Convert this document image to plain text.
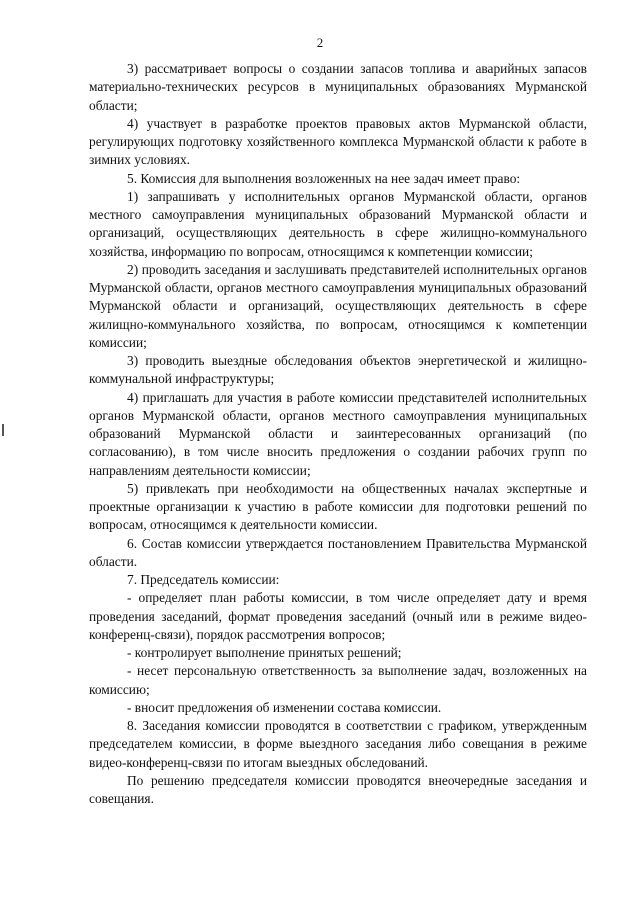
2

3) рассматривает вопросы о создании запасов топлива и аварийных запасов материально-технических ресурсов в муниципальных образованиях Мурманской области;

4) участвует в разработке проектов правовых актов Мурманской области, регулирующих подготовку хозяйственного комплекса Мурманской области к работе в зимних условиях.

5. Комиссия для выполнения возложенных на нее задач имеет право:

1) запрашивать у исполнительных органов Мурманской области, органов местного самоуправления муниципальных образований Мурманской области и организаций, осуществляющих деятельность в сфере жилищно-коммунального хозяйства, информацию по вопросам, относящимся к компетенции комиссии;

2) проводить заседания и заслушивать представителей исполнительных органов Мурманской области, органов местного самоуправления муниципальных образований Мурманской области и организаций, осуществляющих деятельность в сфере жилищно-коммунального хозяйства, по вопросам, относящимся к компетенции комиссии;

3) проводить выездные обследования объектов энергетической и жилищно-коммунальной инфраструктуры;

4) приглашать для участия в работе комиссии представителей исполнительных органов Мурманской области, органов местного самоуправления муниципальных образований Мурманской области и заинтересованных организаций (по согласованию), в том числе вносить предложения о создании рабочих групп по направлениям деятельности комиссии;

5) привлекать при необходимости на общественных началах экспертные и проектные организации к участию в работе комиссии для подготовки решений по вопросам, относящимся к деятельности комиссии.

6. Состав комиссии утверждается постановлением Правительства Мурманской области.

7. Председатель комиссии:

- определяет план работы комиссии, в том числе определяет дату и время проведения заседаний, формат проведения заседаний (очный или в режиме видео-конференц-связи), порядок рассмотрения вопросов;

- контролирует выполнение принятых решений;

- несет персональную ответственность за выполнение задач, возложенных на комиссию;

- вносит предложения об изменении состава комиссии.

8. Заседания комиссии проводятся в соответствии с графиком, утвержденным председателем комиссии, в форме выездного заседания либо совещания в режиме видео-конференц-связи по итогам выездных обследований.

По решению председателя комиссии проводятся внеочередные заседания и совещания.
